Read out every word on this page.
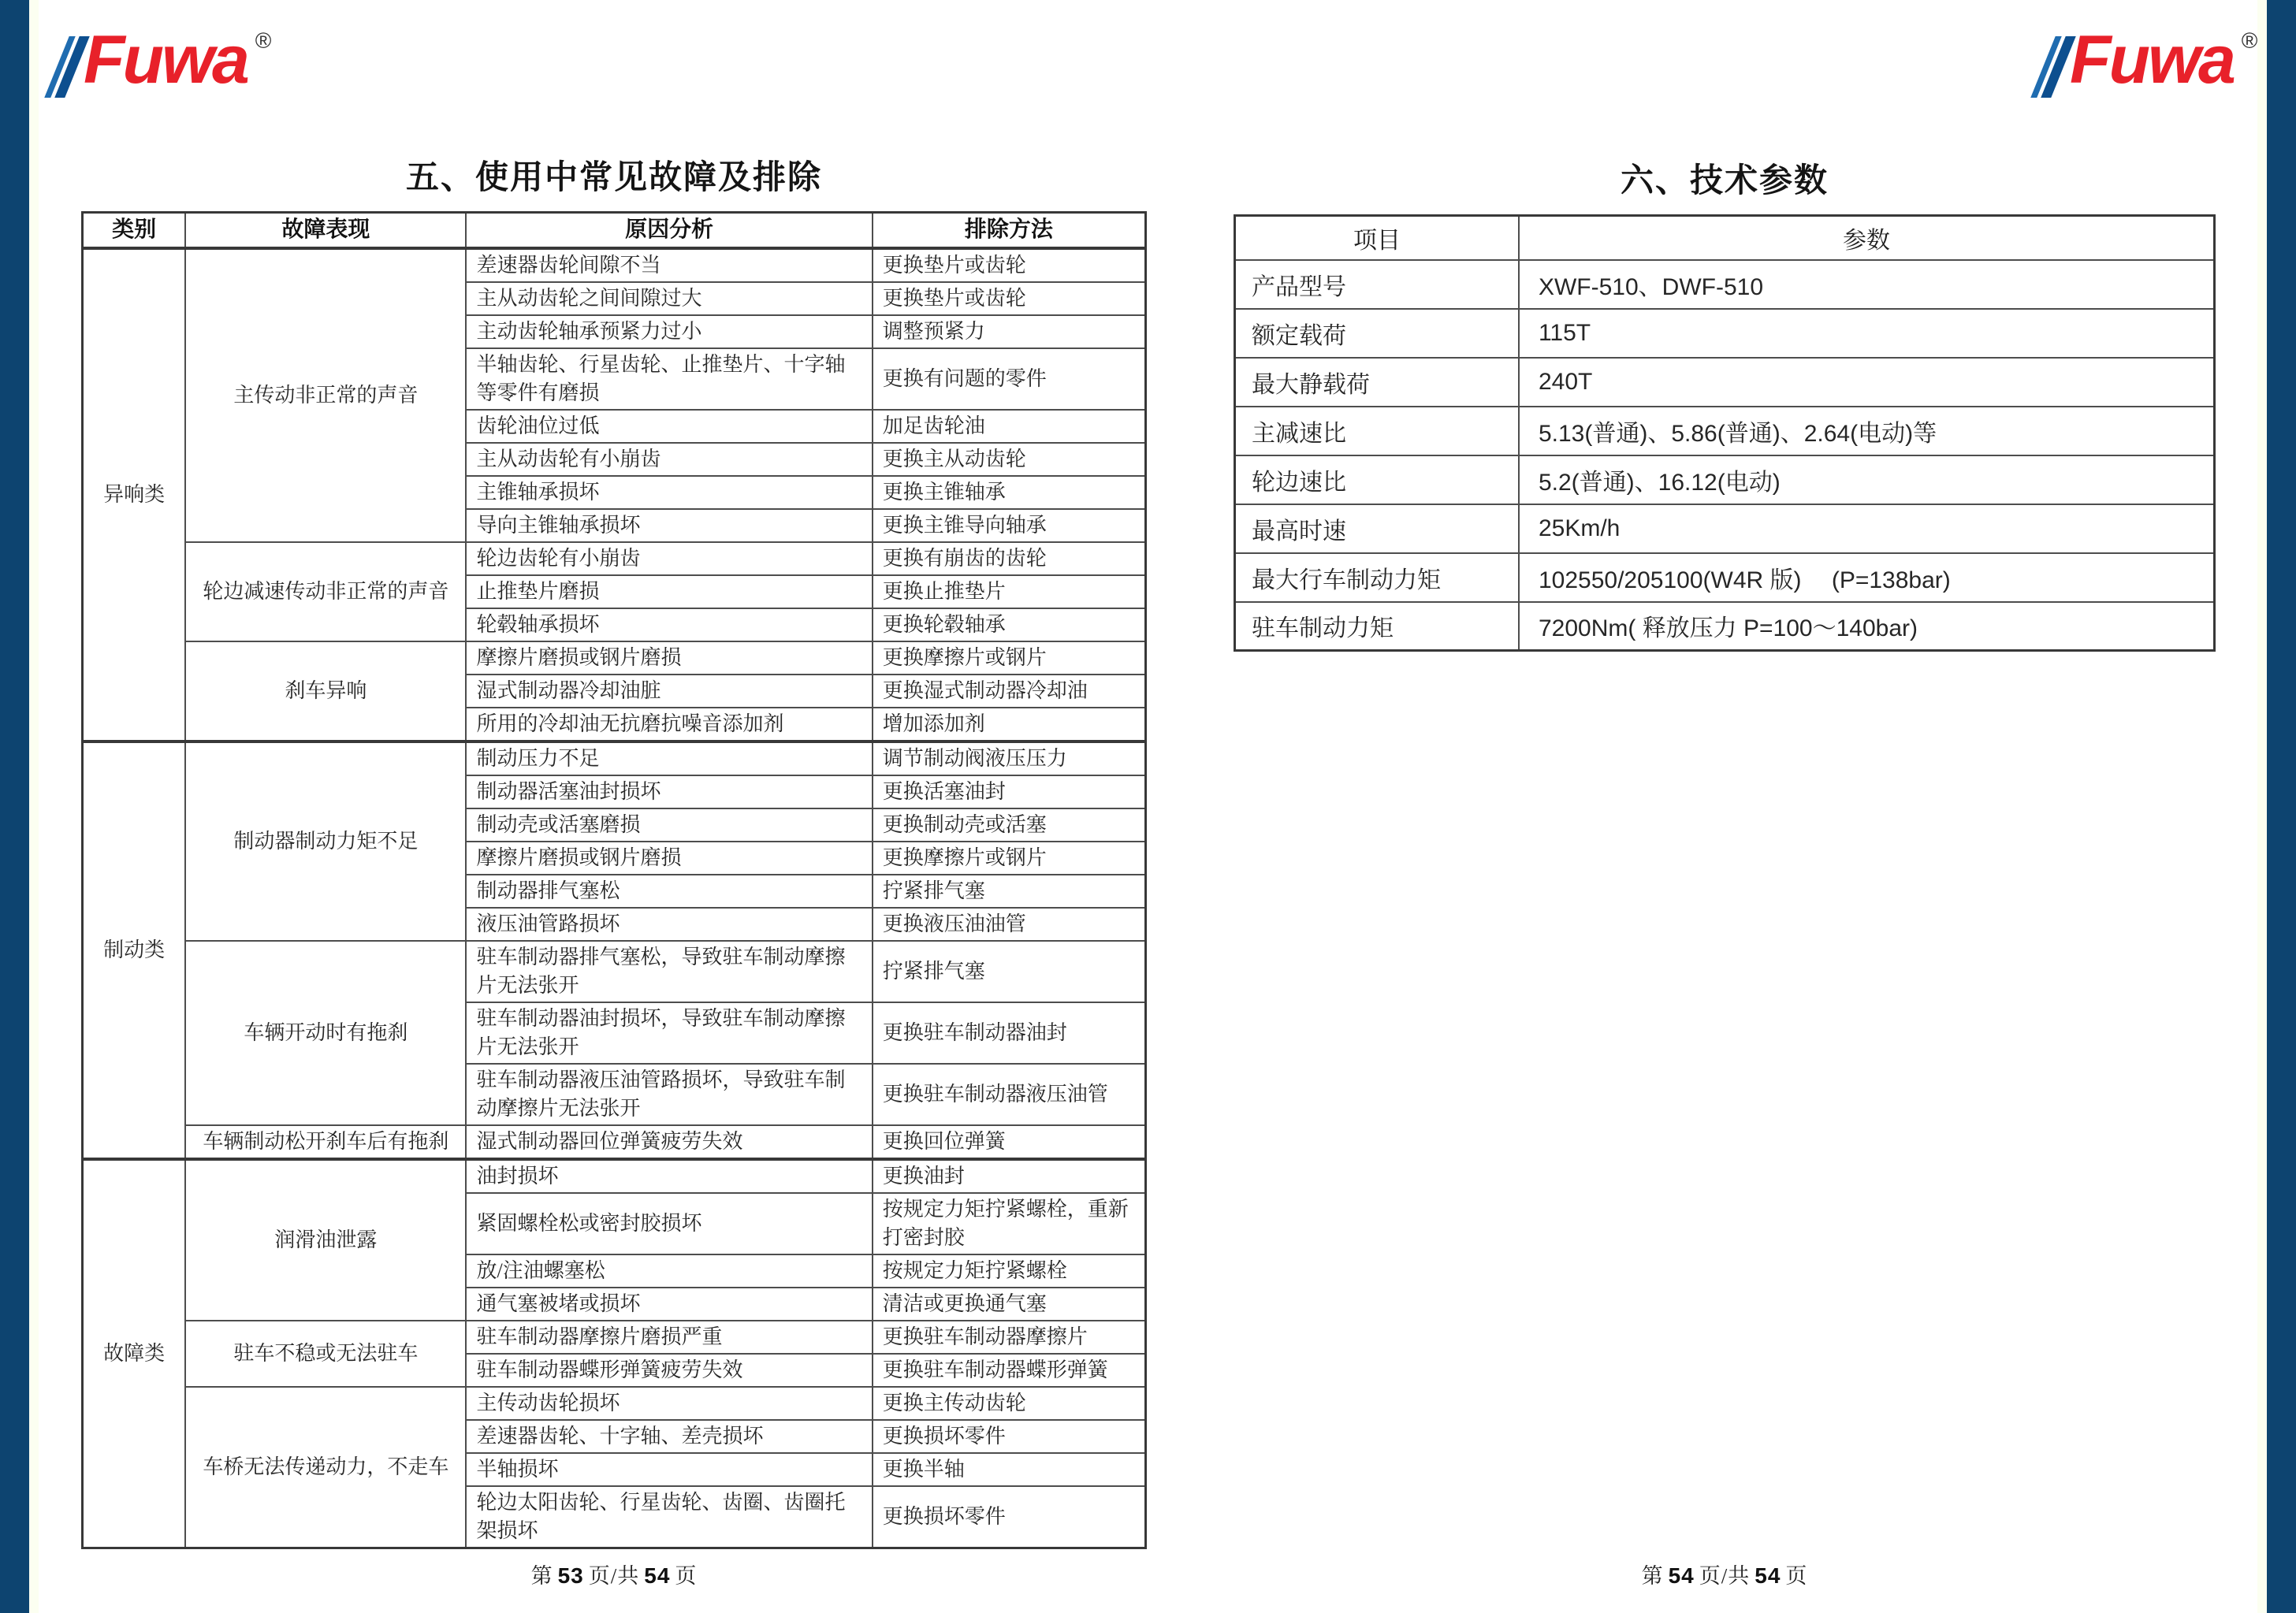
Fuwa ®	Fuwa ®
五、使用中常见故障及排除
类别	故障表现	原因分析	排除方法
异响类	主传动非正常的声音	差速器齿轮间隙不当	更换垫片或齿轮
		主从动齿轮之间间隙过大	更换垫片或齿轮
		主动齿轮轴承预紧力过小	调整预紧力
		半轴齿轮、行星齿轮、止推垫片、十字轴等零件有磨损	更换有问题的零件
		齿轮油位过低	加足齿轮油
		主从动齿轮有小崩齿	更换主从动齿轮
		主锥轴承损坏	更换主锥轴承
		导向主锥轴承损坏	更换主锥导向轴承
	轮边减速传动非正常的声音	轮边齿轮有小崩齿	更换有崩齿的齿轮
		止推垫片磨损	更换止推垫片
		轮毂轴承损坏	更换轮毂轴承
	刹车异响	摩擦片磨损或钢片磨损	更换摩擦片或钢片
		湿式制动器冷却油脏	更换湿式制动器冷却油
		所用的冷却油无抗磨抗噪音添加剂	增加添加剂
制动类	制动器制动力矩不足	制动压力不足	调节制动阀液压压力
		制动器活塞油封损坏	更换活塞油封
		制动壳或活塞磨损	更换制动壳或活塞
		摩擦片磨损或钢片磨损	更换摩擦片或钢片
		制动器排气塞松	拧紧排气塞
		液压油管路损坏	更换液压油油管
	车辆开动时有拖刹	驻车制动器排气塞松，导致驻车制动摩擦片无法张开	拧紧排气塞
		驻车制动器油封损坏，导致驻车制动摩擦片无法张开	更换驻车制动器油封
		驻车制动器液压油管路损坏，导致驻车制动摩擦片无法张开	更换驻车制动器液压油管
	车辆制动松开刹车后有拖刹	湿式制动器回位弹簧疲劳失效	更换回位弹簧
故障类	润滑油泄露	油封损坏	更换油封
		紧固螺栓松或密封胶损坏	按规定力矩拧紧螺栓，重新打密封胶
		放/注油螺塞松	按规定力矩拧紧螺栓
		通气塞被堵或损坏	清洁或更换通气塞
	驻车不稳或无法驻车	驻车制动器摩擦片磨损严重	更换驻车制动器摩擦片
		驻车制动器蝶形弹簧疲劳失效	更换驻车制动器蝶形弹簧
	车桥无法传递动力，不走车	主传动齿轮损坏	更换主传动齿轮
		差速器齿轮、十字轴、差壳损坏	更换损坏零件
		半轴损坏	更换半轴
		轮边太阳齿轮、行星齿轮、齿圈、齿圈托架损坏	更换损坏零件
第 53 页/共 54 页
六、技术参数
项目	参数
产品型号	XWF-510、DWF-510
额定载荷	115T
最大静载荷	240T
主减速比	5.13(普通)、5.86(普通)、2.64(电动)等
轮边速比	5.2(普通)、16.12(电动)
最高时速	25Km/h
最大行车制动力矩	102550/205100(W4R 版)　 (P=138bar)
驻车制动力矩	7200Nm( 释放压力 P=100～140bar)
第 54 页/共 54 页
